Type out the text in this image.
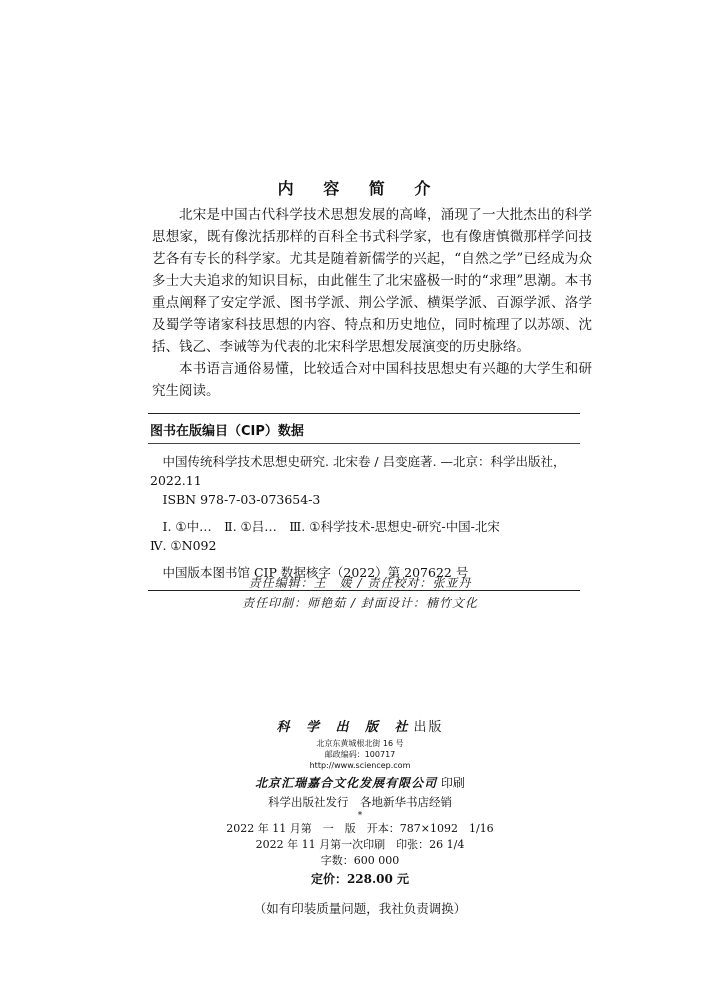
内 容 简 介

北宋是中国古代科学技术思想发展的高峰，涌现了一大批杰出的科学思想家，既有像沈括那样的百科全书式科学家，也有像唐慎微那样学问技艺各有专长的科学家。尤其是随着新儒学的兴起，“自然之学”已经成为众多士大夫追求的知识目标，由此催生了北宋盛极一时的“求理”思潮。本书重点阐释了安定学派、图书学派、荆公学派、横渠学派、百源学派、洛学及蜀学等诸家科技思想的内容、特点和历史地位，同时梳理了以苏颂、沈括、钱乙、李诫等为代表的北宋科学思想发展演变的历史脉络。

本书语言通俗易懂，比较适合对中国科技思想史有兴趣的大学生和研究生阅读。

图书在版编目（CIP）数据
中国传统科学技术思想史研究. 北宋卷 / 吕变庭著. —北京：科学出版社，
2022.11
ISBN 978-7-03-073654-3
Ⅰ. ①中…　Ⅱ. ①吕…　Ⅲ. ①科学技术-思想史-研究-中国-北宋
Ⅳ. ①N092
中国版本图书馆 CIP 数据核字（2022）第 207622 号
责任编辑：王　媛 / 责任校对：张亚丹
责任印制：师艳茹 / 封面设计：楠竹文化
科 学 出 版 社出版
北京东黄城根北街 16 号
邮政编码：100717
http://www.sciencep.com
北京汇瑞嘉合文化发展有限公司 印刷
科学出版社发行　各地新华书店经销
*
2022 年 11 月第　一　版　开本：787×1092　1/16
2022 年 11 月第一次印刷　印张：26 1/4
字数：600 000
定价：228.00 元
（如有印装质量问题，我社负责调换）
